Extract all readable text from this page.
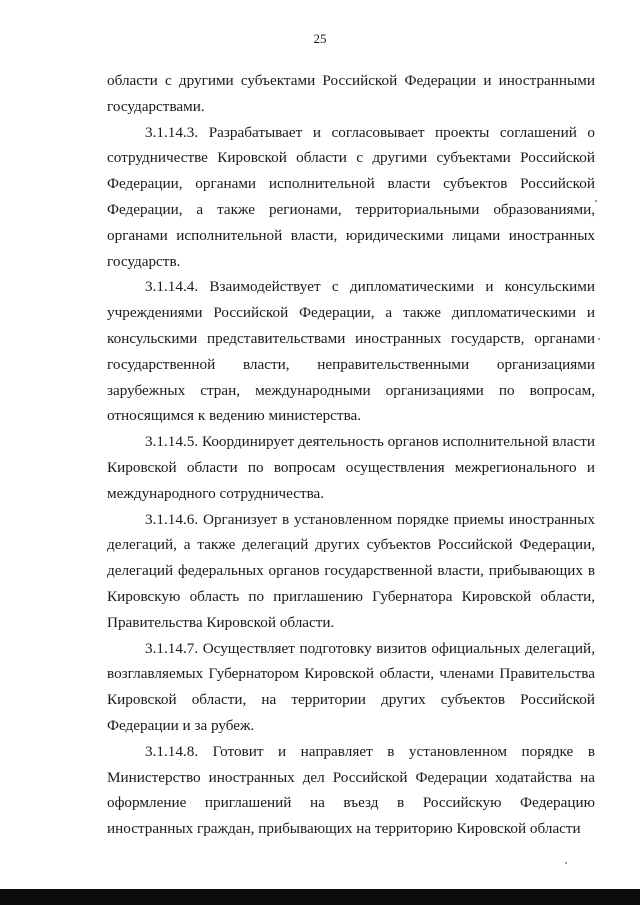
25

области с другими субъектами Российской Федерации и иностранными государствами.

3.1.14.3. Разрабатывает и согласовывает проекты соглашений о сотрудничестве Кировской области с другими субъектами Российской Федерации, органами исполнительной власти субъектов Российской Федерации, а также регионами, территориальными образованиями, органами исполнительной власти, юридическими лицами иностранных государств.

3.1.14.4. Взаимодействует с дипломатическими и консульскими учреждениями Российской Федерации, а также дипломатическими и консульскими представительствами иностранных государств, органами государственной власти, неправительственными организациями зарубежных стран, международными организациями по вопросам, относящимся к ведению министерства.

3.1.14.5. Координирует деятельность органов исполнительной власти Кировской области по вопросам осуществления межрегионального и международного сотрудничества.

3.1.14.6. Организует в установленном порядке приемы иностранных делегаций, а также делегаций других субъектов Российской Федерации, делегаций федеральных органов государственной власти, прибывающих в Кировскую область по приглашению Губернатора Кировской области, Правительства Кировской области.

3.1.14.7. Осуществляет подготовку визитов официальных делегаций, возглавляемых Губернатором Кировской области, членами Правительства Кировской области, на территории других субъектов Российской Федерации и за рубеж.

3.1.14.8. Готовит и направляет в установленном порядке в Министерство иностранных дел Российской Федерации ходатайства на оформление приглашений на въезд в Российскую Федерацию иностранных граждан, прибывающих на территорию Кировской области
